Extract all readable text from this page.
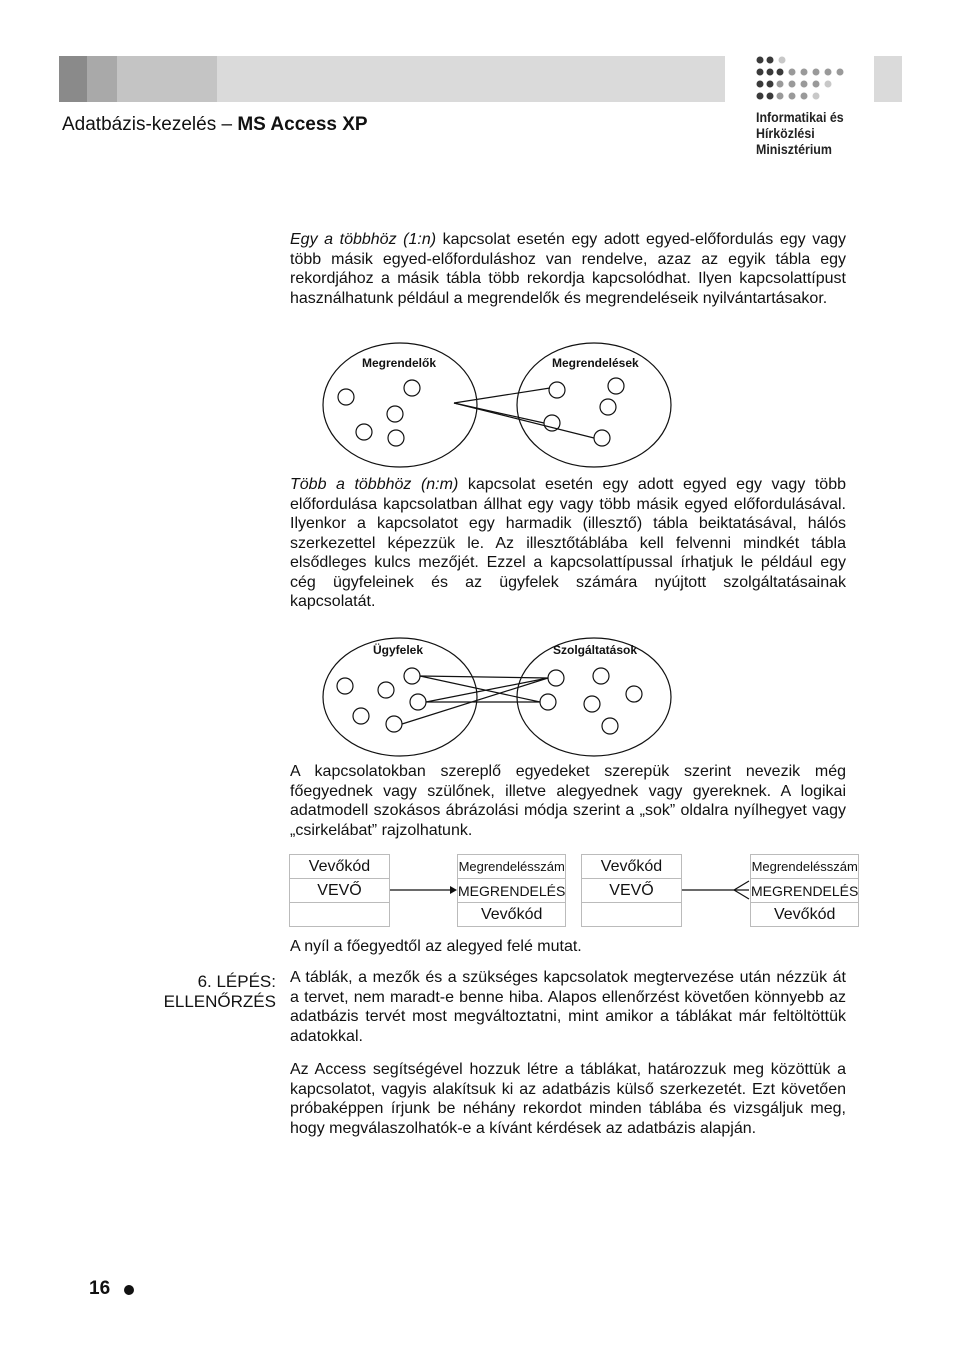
Adatbázis-kezelés – MS Access XP	Informatikai és
Hírközlési
Minisztérium
Egy a többhöz (1:n) kapcsolat esetén egy adott egyed-előfordulás egy vagy több másik egyed-előforduláshoz van rendelve, azaz az egyik tábla egy rekordjához a másik tábla több rekordja kapcsolódhat. Ilyen kapcsolattípust használhatunk például a megrendelők és megrendeléseik nyilvántartásakor.
Megrendelők	Megrendelések
Több a többhöz (n:m) kapcsolat esetén egy adott egyed egy vagy több előfordulása kapcsolatban állhat egy vagy több másik egyed előfordulásával. Ilyenkor a kapcsolatot egy harmadik (illesztő) tábla beiktatásával, hálós szerkezettel képezzük le. Az illesztőtáblába kell felvenni mindkét tábla elsődleges kulcs mezőjét. Ezzel a kapcsolattípussal írhatjuk le például egy cég ügyfeleinek és az ügyfelek számára nyújtott szolgáltatásainak kapcsolatát.
Ügyfelek	Szolgáltatások
A kapcsolatokban szereplő egyedeket szerepük szerint nevezik még főegyednek vagy szülőnek, illetve alegyednek vagy gyereknek. A logikai adatmodell szokásos ábrázolási módja szerint a „sok” oldalra nyílhegyet vagy „csirkelábat” rajzolhatunk.
Vevőkód
VEVŐ

Megrendelésszám
MEGRENDELÉS
Vevőkód
Vevőkód
VEVŐ

Megrendelésszám
MEGRENDELÉS
Vevőkód
A nyíl a főegyedtől az alegyed felé mutat.
6. LÉPÉS:
ELLENŐRZÉS
A táblák, a mezők és a szükséges kapcsolatok megtervezése után nézzük át a tervet, nem maradt-e benne hiba. Alapos ellenőrzést követően könnyebb az adatbázis tervét most megváltoztatni, mint amikor a táblákat már feltöltöttük adatokkal.
Az Access segítségével hozzuk létre a táblákat, határozzuk meg közöttük a kapcsolatot, vagyis alakítsuk ki az adatbázis külső szerkezetét. Ezt követően próbaképpen írjunk be néhány rekordot minden táblába és vizsgáljuk meg, hogy megválaszolhatók-e a kívánt kérdések az adatbázis alapján.
16
